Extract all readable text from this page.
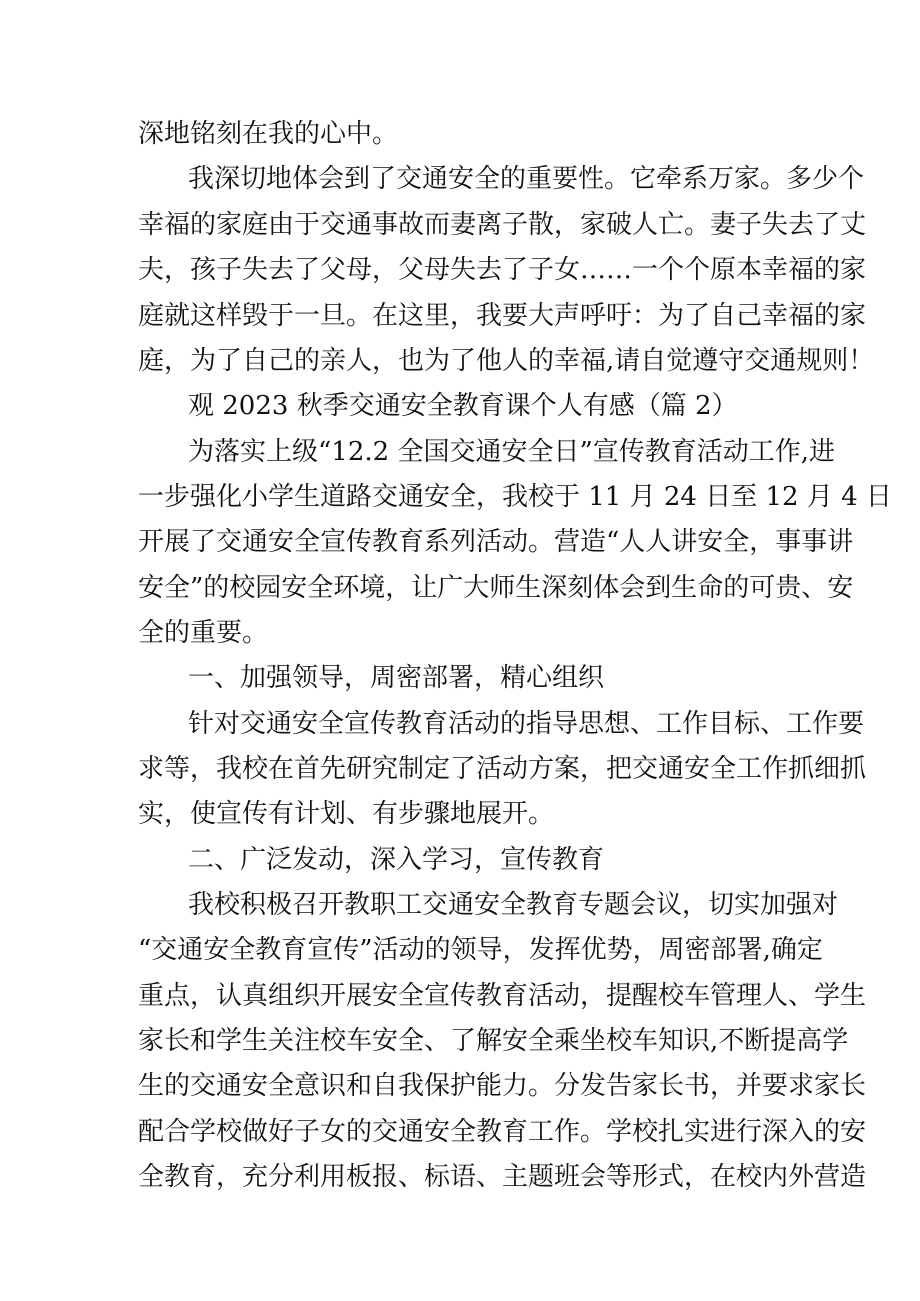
深地铭刻在我的心中。
我深切地体会到了交通安全的重要性。它牵系万家。多少个
幸福的家庭由于交通事故而妻离子散，家破人亡。妻子失去了丈
夫，孩子失去了父母，父母失去了子女……一个个原本幸福的家
庭就这样毁于一旦。在这里，我要大声呼吁：为了自己幸福的家
庭，为了自己的亲人，也为了他人的幸福,请自觉遵守交通规则！
观 2023 秋季交通安全教育课个人有感（篇 2）
为落实上级“12.2 全国交通安全日”宣传教育活动工作,进
一步强化小学生道路交通安全，我校于 11 月 24 日至 12 月 4 日
开展了交通安全宣传教育系列活动。营造“人人讲安全，事事讲
安全”的校园安全环境，让广大师生深刻体会到生命的可贵、安
全的重要。
一、加强领导，周密部署，精心组织
针对交通安全宣传教育活动的指导思想、工作目标、工作要
求等，我校在首先研究制定了活动方案，把交通安全工作抓细抓
实，使宣传有计划、有步骤地展开。
二、广泛发动，深入学习，宣传教育
我校积极召开教职工交通安全教育专题会议，切实加强对
“交通安全教育宣传”活动的领导，发挥优势，周密部署,确定
重点，认真组织开展安全宣传教育活动，提醒校车管理人、学生
家长和学生关注校车安全、了解安全乘坐校车知识,不断提高学
生的交通安全意识和自我保护能力。分发告家长书，并要求家长
配合学校做好子女的交通安全教育工作。学校扎实进行深入的安
全教育，充分利用板报、标语、主题班会等形式，在校内外营造
